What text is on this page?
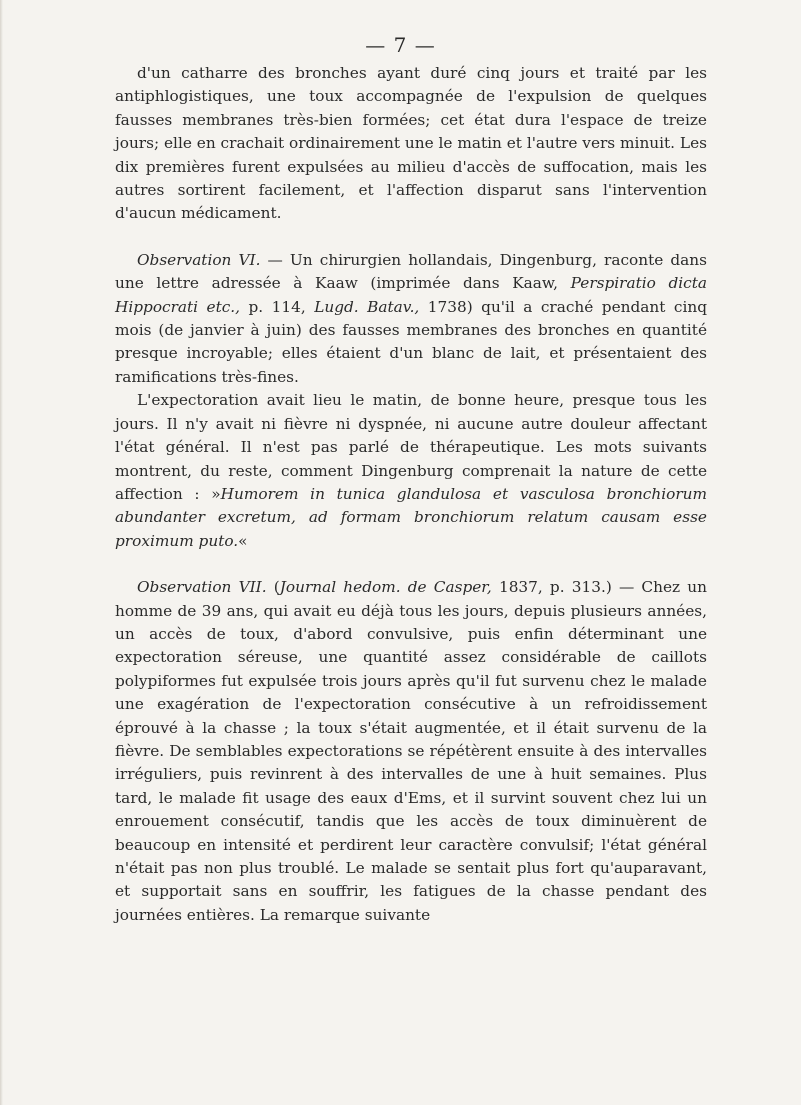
— 7 —

d'un catharre des bronches ayant duré cinq jours et traité par les antiphlogistiques, une toux accompagnée de l'expulsion de quelques fausses membranes très-bien formées; cet état dura l'espace de treize jours; elle en crachait ordinairement une le matin et l'autre vers minuit. Les dix premières furent expulsées au milieu d'accès de suffocation, mais les autres sortirent facilement, et l'affection disparut sans l'intervention d'aucun médicament.

Observation VI. — Un chirurgien hollandais, Dingenburg, raconte dans une lettre adressée à Kaaw (imprimée dans Kaaw, Perspiratio dicta Hippocrati etc., p. 114, Lugd. Batav., 1738) qu'il a craché pendant cinq mois (de janvier à juin) des fausses membranes des bronches en quantité presque incroyable; elles étaient d'un blanc de lait, et présentaient des ramifications très-fines.

L'expectoration avait lieu le matin, de bonne heure, presque tous les jours. Il n'y avait ni fièvre ni dyspnée, ni aucune autre douleur affectant l'état général. Il n'est pas parlé de thérapeutique. Les mots suivants montrent, du reste, comment Dingenburg comprenait la nature de cette affection : »Humorem in tunica glandulosa et vasculosa bronchiorum abundanter excretum, ad formam bronchiorum relatum causam esse proximum puto.«

Observation VII. (Journal hedom. de Casper, 1837, p. 313.) — Chez un homme de 39 ans, qui avait eu déjà tous les jours, depuis plusieurs années, un accès de toux, d'abord convulsive, puis enfin déterminant une expectoration séreuse, une quantité assez considérable de caillots polypiformes fut expulsée trois jours après qu'il fut survenu chez le malade une exagération de l'expectoration consécutive à un refroidissement éprouvé à la chasse ; la toux s'était augmentée, et il était survenu de la fièvre. De semblables expectorations se répétèrent ensuite à des intervalles irréguliers, puis revinrent à des intervalles de une à huit semaines. Plus tard, le malade fit usage des eaux d'Ems, et il survint souvent chez lui un enrouement consécutif, tandis que les accès de toux diminuèrent de beaucoup en intensité et perdirent leur caractère convulsif; l'état général n'était pas non plus troublé. Le malade se sentait plus fort qu'auparavant, et supportait sans en souffrir, les fatigues de la chasse pendant des journées entières. La remarque suivante
